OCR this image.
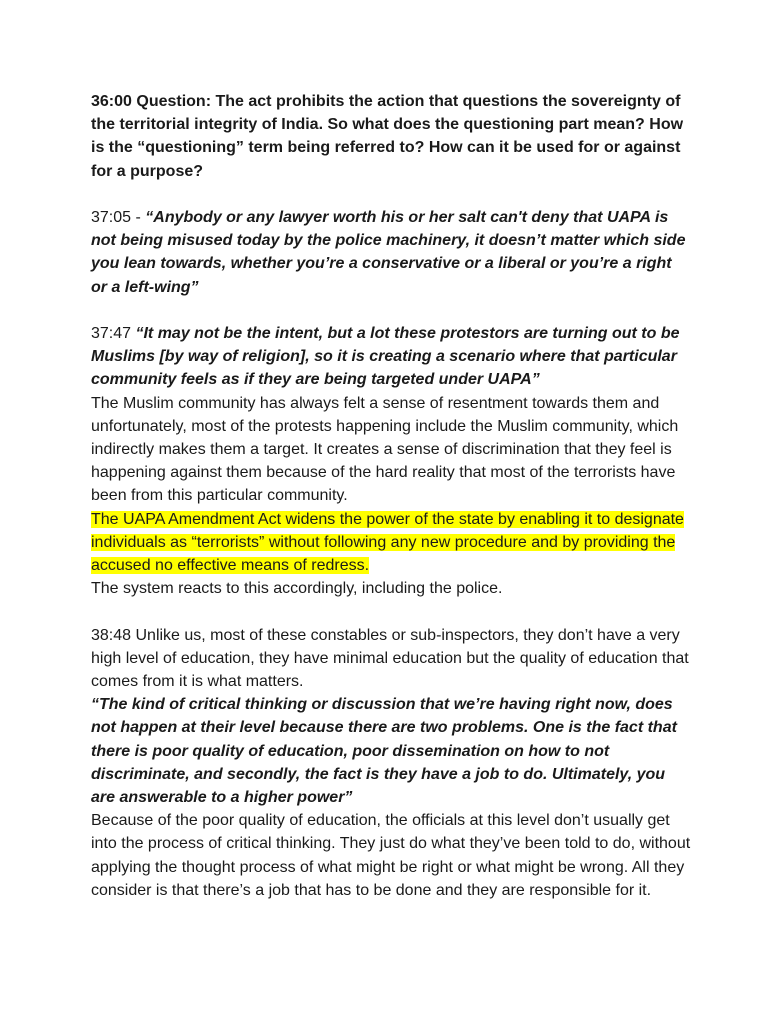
36:00 Question: The act prohibits the action that questions the sovereignty of the territorial integrity of India. So what does the questioning part mean? How is the “questioning” term being referred to? How can it be used for or against for a purpose?

37:05 - “Anybody or any lawyer worth his or her salt can't deny that UAPA is not being misused today by the police machinery, it doesn’t matter which side you lean towards, whether you’re a conservative or a liberal or you’re a right or a left-wing”

37:47 “It may not be the intent, but a lot these protestors are turning out to be Muslims [by way of religion], so it is creating a scenario where that particular community feels as if they are being targeted under UAPA”

The Muslim community has always felt a sense of resentment towards them and unfortunately, most of the protests happening include the Muslim community, which indirectly makes them a target. It creates a sense of discrimination that they feel is happening against them because of the hard reality that most of the terrorists have been from this particular community.

The UAPA Amendment Act widens the power of the state by enabling it to designate individuals as “terrorists” without following any new procedure and by providing the accused no effective means of redress.

The system reacts to this accordingly, including the police.

38:48 Unlike us, most of these constables or sub-inspectors, they don’t have a very high level of education, they have minimal education but the quality of education that comes from it is what matters.

“The kind of critical thinking or discussion that we’re having right now, does not happen at their level because there are two problems. One is the fact that there is poor quality of education, poor dissemination on how to not discriminate, and secondly, the fact is they have a job to do. Ultimately, you are answerable to a higher power”

Because of the poor quality of education, the officials at this level don’t usually get into the process of critical thinking. They just do what they’ve been told to do, without applying the thought process of what might be right or what might be wrong. All they consider is that there’s a job that has to be done and they are responsible for it.
